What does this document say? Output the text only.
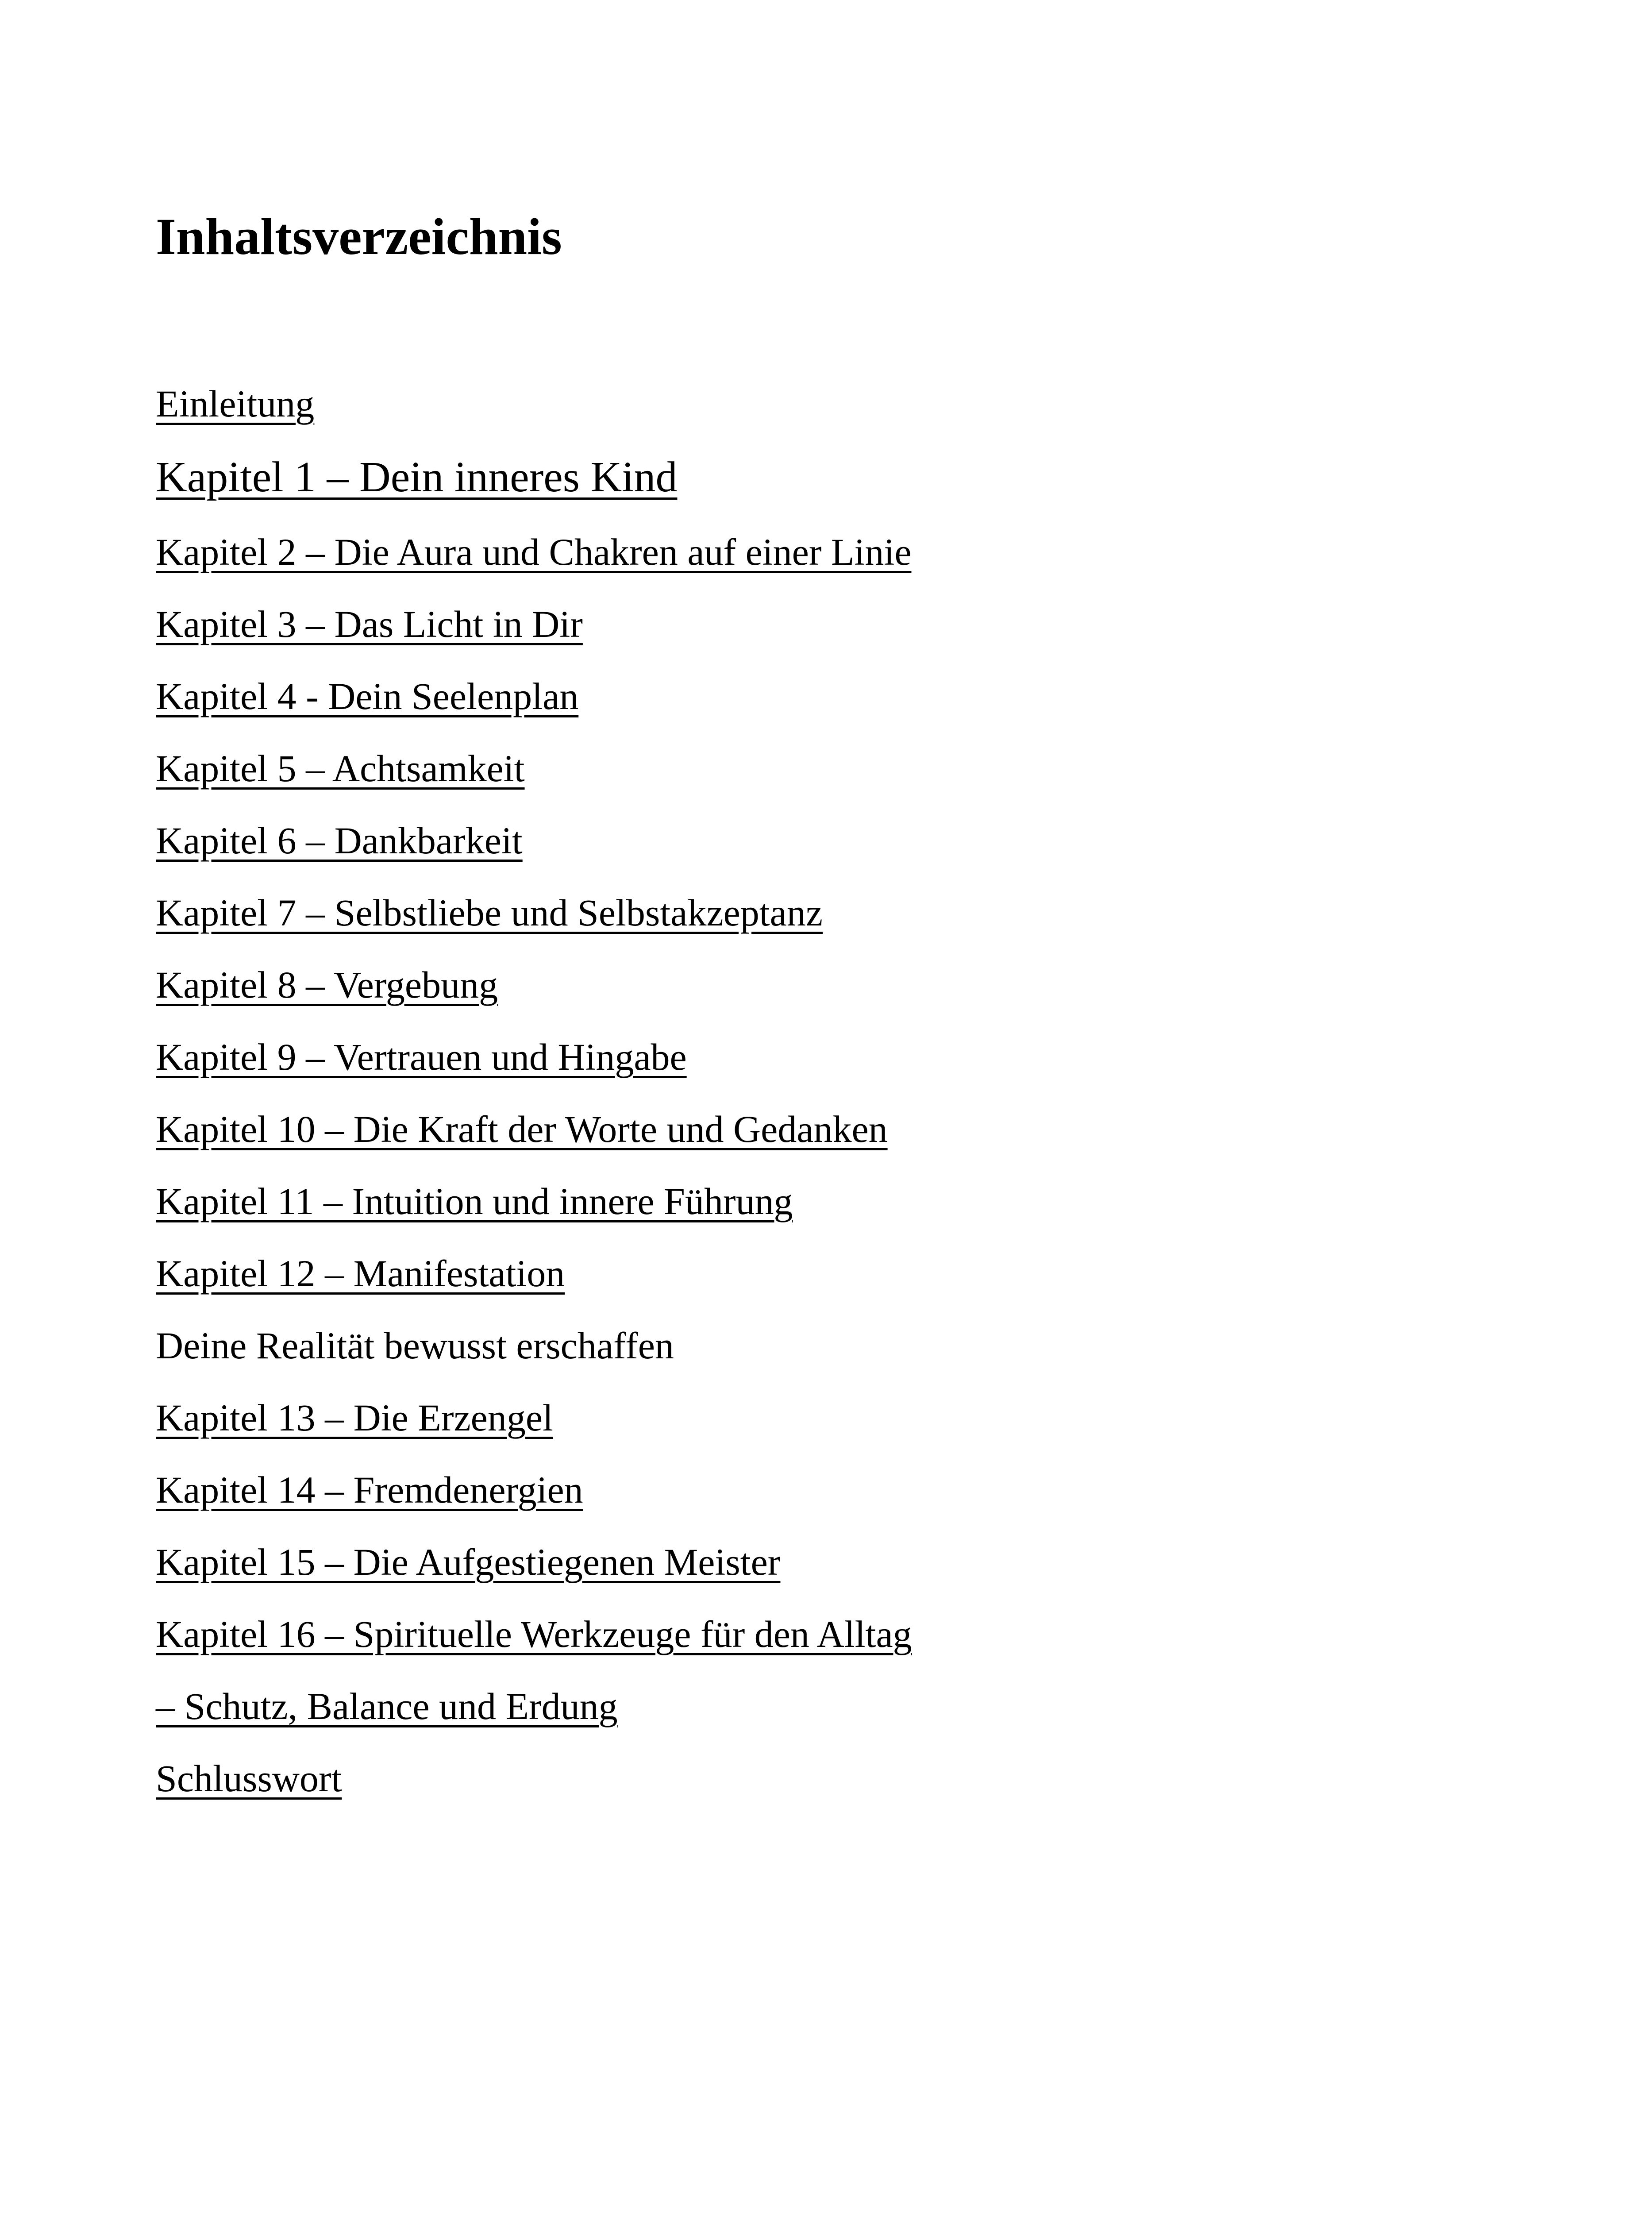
Inhaltsverzeichnis
Einleitung
Kapitel 1 – Dein inneres Kind
Kapitel 2 – Die Aura und Chakren auf einer Linie
Kapitel 3 – Das Licht in Dir
Kapitel 4 - Dein Seelenplan
Kapitel 5 – Achtsamkeit
Kapitel 6 – Dankbarkeit
Kapitel 7 – Selbstliebe und Selbstakzeptanz
Kapitel 8 – Vergebung
Kapitel 9 – Vertrauen und Hingabe
Kapitel 10 – Die Kraft der Worte und Gedanken
Kapitel 11 – Intuition und innere Führung
Kapitel 12 – Manifestation
Deine Realität bewusst erschaffen
Kapitel 13 – Die Erzengel
Kapitel 14 – Fremdenergien
Kapitel 15 – Die Aufgestiegenen Meister
Kapitel 16 – Spirituelle Werkzeuge für den Alltag
– Schutz, Balance und Erdung
Schlusswort
